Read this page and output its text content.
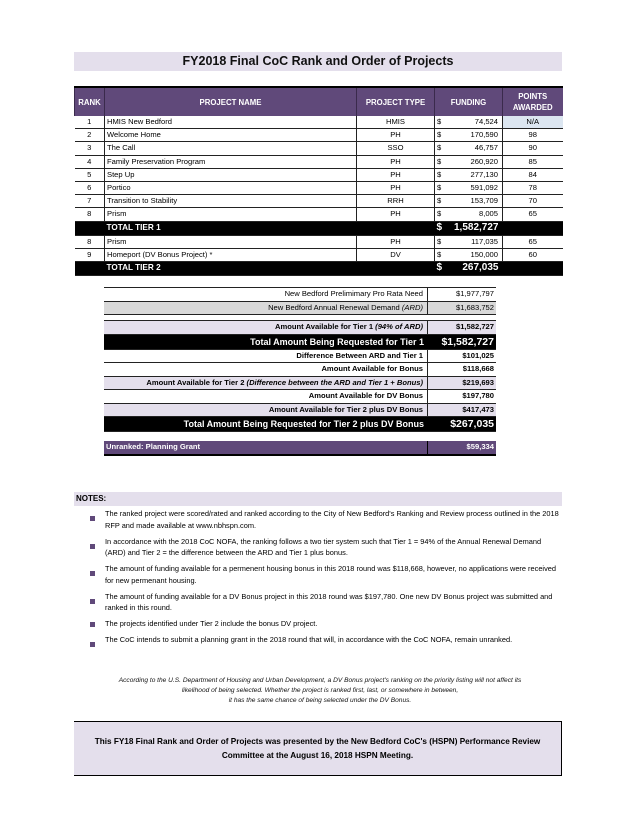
FY2018 Final CoC Rank and Order of Projects
RANK	PROJECT NAME	PROJECT TYPE	FUNDING		POINTS
AWARDED
1	HMIS New Bedford	HMIS	$	74,524	N/A
2	Welcome Home	PH	$	170,590	98
3	The Call	SSO	$	46,757	90
4	Family Preservation Program	PH	$	260,920	85
5	Step Up	PH	$	277,130	84
6	Portico	PH	$	591,092	78
7	Transition to Stability	RRH	$	153,709	70
8	Prism	PH	$	8,005	65
	TOTAL TIER 1		$	1,582,727	
8	Prism	PH	$	117,035	65
9	Homeport (DV Bonus Project) *	DV	$	150,000	60
	TOTAL TIER 2		$	267,035	
New Bedford Prelimimary Pro Rata Need	$1,977,797
New Bedford Annual Renewal Demand (ARD)	$1,683,752
Amount Available for Tier 1 (94% of ARD)	$1,582,727
Total Amount Being Requested for Tier 1	$1,582,727
Difference Between ARD and Tier 1	$101,025
Amount Available for Bonus	$118,668
Amount Available for Tier 2 (Difference between the ARD and Tier 1 + Bonus)	$219,693
Amount Available for DV Bonus	$197,780
Amount Available for Tier 2 plus DV Bonus	$417,473
Total Amount Being Requested for Tier 2 plus DV Bonus	$267,035
Unranked: Planning Grant	$59,334
NOTES:
The ranked project were scored/rated and ranked according to the City of New Bedford's Ranking and Review process outlined in the 2018 RFP and made available at www.nbhspn.com.
In accordance with the 2018 CoC NOFA, the ranking follows a two tier system such that Tier 1 = 94% of the Annual Renewal Demand (ARD) and Tier 2 = the difference between the ARD and Tier 1 plus bonus.
The amount of funding available for a permenent housing bonus in this 2018 round was $118,668, however, no applications were received for new permenant housing.
The amount of funding available for a DV Bonus project in this 2018 round was $197,780. One new DV Bonus project was submitted and ranked in this round.
The projects identified under Tier 2 include the bonus DV project.
The CoC intends to submit a planning grant in the 2018 round that will, in accordance with the CoC NOFA, remain unranked.
According to the U.S. Department of Housing and Urban Development, a DV Bonus project's ranking on the priority listing will not affect its
likelihood of being selected. Whether the project is ranked first, last, or somewhere in between,
it has the same chance of being selected under the DV Bonus.
This FY18 Final Rank and Order of Projects was presented by the New Bedford CoC's (HSPN) Performance Review Committee at the August 16, 2018 HSPN Meeting.
